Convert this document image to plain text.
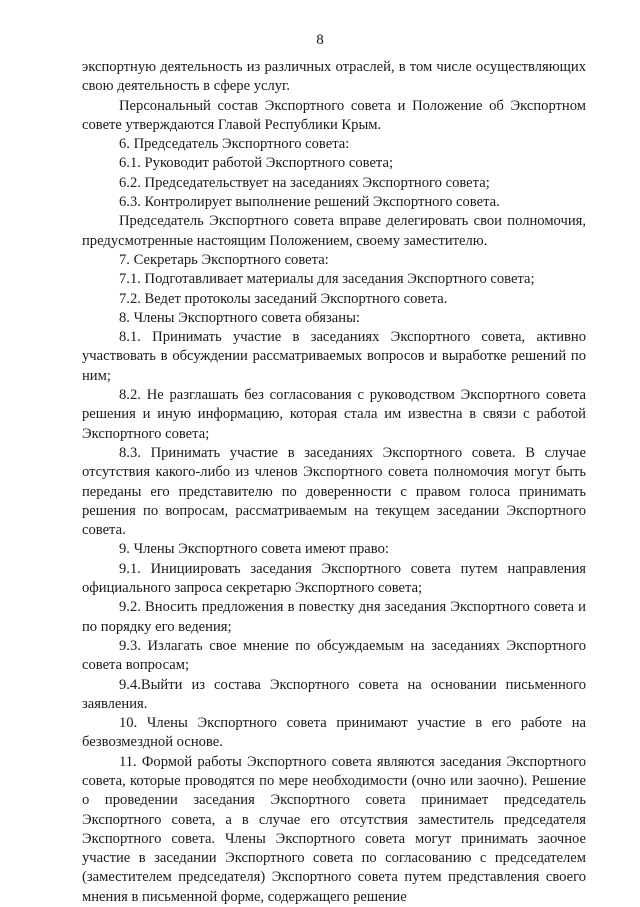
8

экспортную деятельность из различных отраслей, в том числе осуществляющих свою деятельность в сфере услуг.

Персональный состав Экспортного совета и Положение об Экспортном совете утверждаются Главой Республики Крым.

6. Председатель Экспортного совета:

6.1. Руководит работой Экспортного совета;

6.2. Председательствует на заседаниях Экспортного совета;

6.3. Контролирует выполнение решений Экспортного совета.

Председатель Экспортного совета вправе делегировать свои полномочия, предусмотренные настоящим Положением, своему заместителю.

7. Секретарь Экспортного совета:

7.1. Подготавливает материалы для заседания Экспортного совета;

7.2. Ведет протоколы заседаний Экспортного совета.

8. Члены Экспортного совета обязаны:

8.1. Принимать участие в заседаниях Экспортного совета, активно участвовать в обсуждении рассматриваемых вопросов и выработке решений по ним;

8.2. Не разглашать без согласования с руководством Экспортного совета решения и иную информацию, которая стала им известна в связи с работой Экспортного совета;

8.3. Принимать участие в заседаниях Экспортного совета. В случае отсутствия какого-либо из членов Экспортного совета полномочия могут быть переданы его представителю по доверенности с правом голоса принимать решения по вопросам, рассматриваемым на текущем заседании Экспортного совета.

9. Члены Экспортного совета имеют право:

9.1. Инициировать заседания Экспортного совета путем направления официального запроса секретарю Экспортного совета;

9.2. Вносить предложения в повестку дня заседания Экспортного совета и по порядку его ведения;

9.3. Излагать свое мнение по обсуждаемым на заседаниях Экспортного совета вопросам;

9.4.Выйти из состава Экспортного совета на основании письменного заявления.

10. Члены Экспортного совета принимают участие в его работе на безвозмездной основе.

11. Формой работы Экспортного совета являются заседания Экспортного совета, которые проводятся по мере необходимости (очно или заочно). Решение о проведении заседания Экспортного совета принимает председатель Экспортного совета, а в случае его отсутствия заместитель председателя Экспортного совета. Члены Экспортного совета могут принимать заочное участие в заседании Экспортного совета по согласованию с председателем (заместителем председателя) Экспортного совета путем представления своего мнения в письменной форме, содержащего решение
